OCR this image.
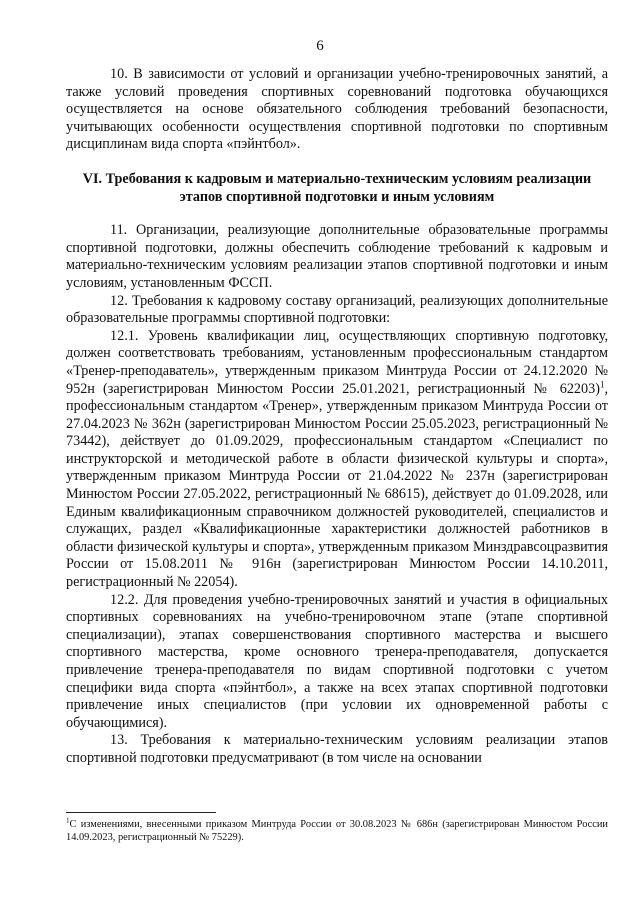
6

10. В зависимости от условий и организации учебно-тренировочных занятий, а также условий проведения спортивных соревнований подготовка обучающихся осуществляется на основе обязательного соблюдения требований безопасности, учитывающих особенности осуществления спортивной подготовки по спортивным дисциплинам вида спорта «пэйнтбол».

VI. Требования к кадровым и материально-техническим условиям реализации этапов спортивной подготовки и иным условиям

11. Организации, реализующие дополнительные образовательные программы спортивной подготовки, должны обеспечить соблюдение требований к кадровым и материально-техническим условиям реализации этапов спортивной подготовки и иным условиям, установленным ФССП.

12. Требования к кадровому составу организаций, реализующих дополнительные образовательные программы спортивной подготовки:

12.1. Уровень квалификации лиц, осуществляющих спортивную подготовку, должен соответствовать требованиям, установленным профессиональным стандартом «Тренер-преподаватель», утвержденным приказом Минтруда России от 24.12.2020 № 952н (зарегистрирован Минюстом России 25.01.2021, регистрационный № 62203)$^1$, профессиональным стандартом «Тренер», утвержденным приказом Минтруда России от 27.04.2023 № 362н (зарегистрирован Минюстом России 25.05.2023, регистрационный № 73442), действует до 01.09.2029, профессиональным стандартом «Специалист по инструкторской и методической работе в области физической культуры и спорта», утвержденным приказом Минтруда России от 21.04.2022 № 237н (зарегистрирован Минюстом России 27.05.2022, регистрационный № 68615), действует до 01.09.2028, или Единым квалификационным справочником должностей руководителей, специалистов и служащих, раздел «Квалификационные характеристики должностей работников в области физической культуры и спорта», утвержденным приказом Минздравсоцразвития России от 15.08.2011 № 916н (зарегистрирован Минюстом России 14.10.2011, регистрационный № 22054).

12.2. Для проведения учебно-тренировочных занятий и участия в официальных спортивных соревнованиях на учебно-тренировочном этапе (этапе спортивной специализации), этапах совершенствования спортивного мастерства и высшего спортивного мастерства, кроме основного тренера-преподавателя, допускается привлечение тренера-преподавателя по видам спортивной подготовки с учетом специфики вида спорта «пэйнтбол», а также на всех этапах спортивной подготовки привлечение иных специалистов (при условии их одновременной работы с обучающимися).

13. Требования к материально-техническим условиям реализации этапов спортивной подготовки предусматривают (в том числе на основании

$^1$С изменениями, внесенными приказом Минтруда России от 30.08.2023 № 686н (зарегистрирован Минюстом России 14.09.2023, регистрационный № 75229).
